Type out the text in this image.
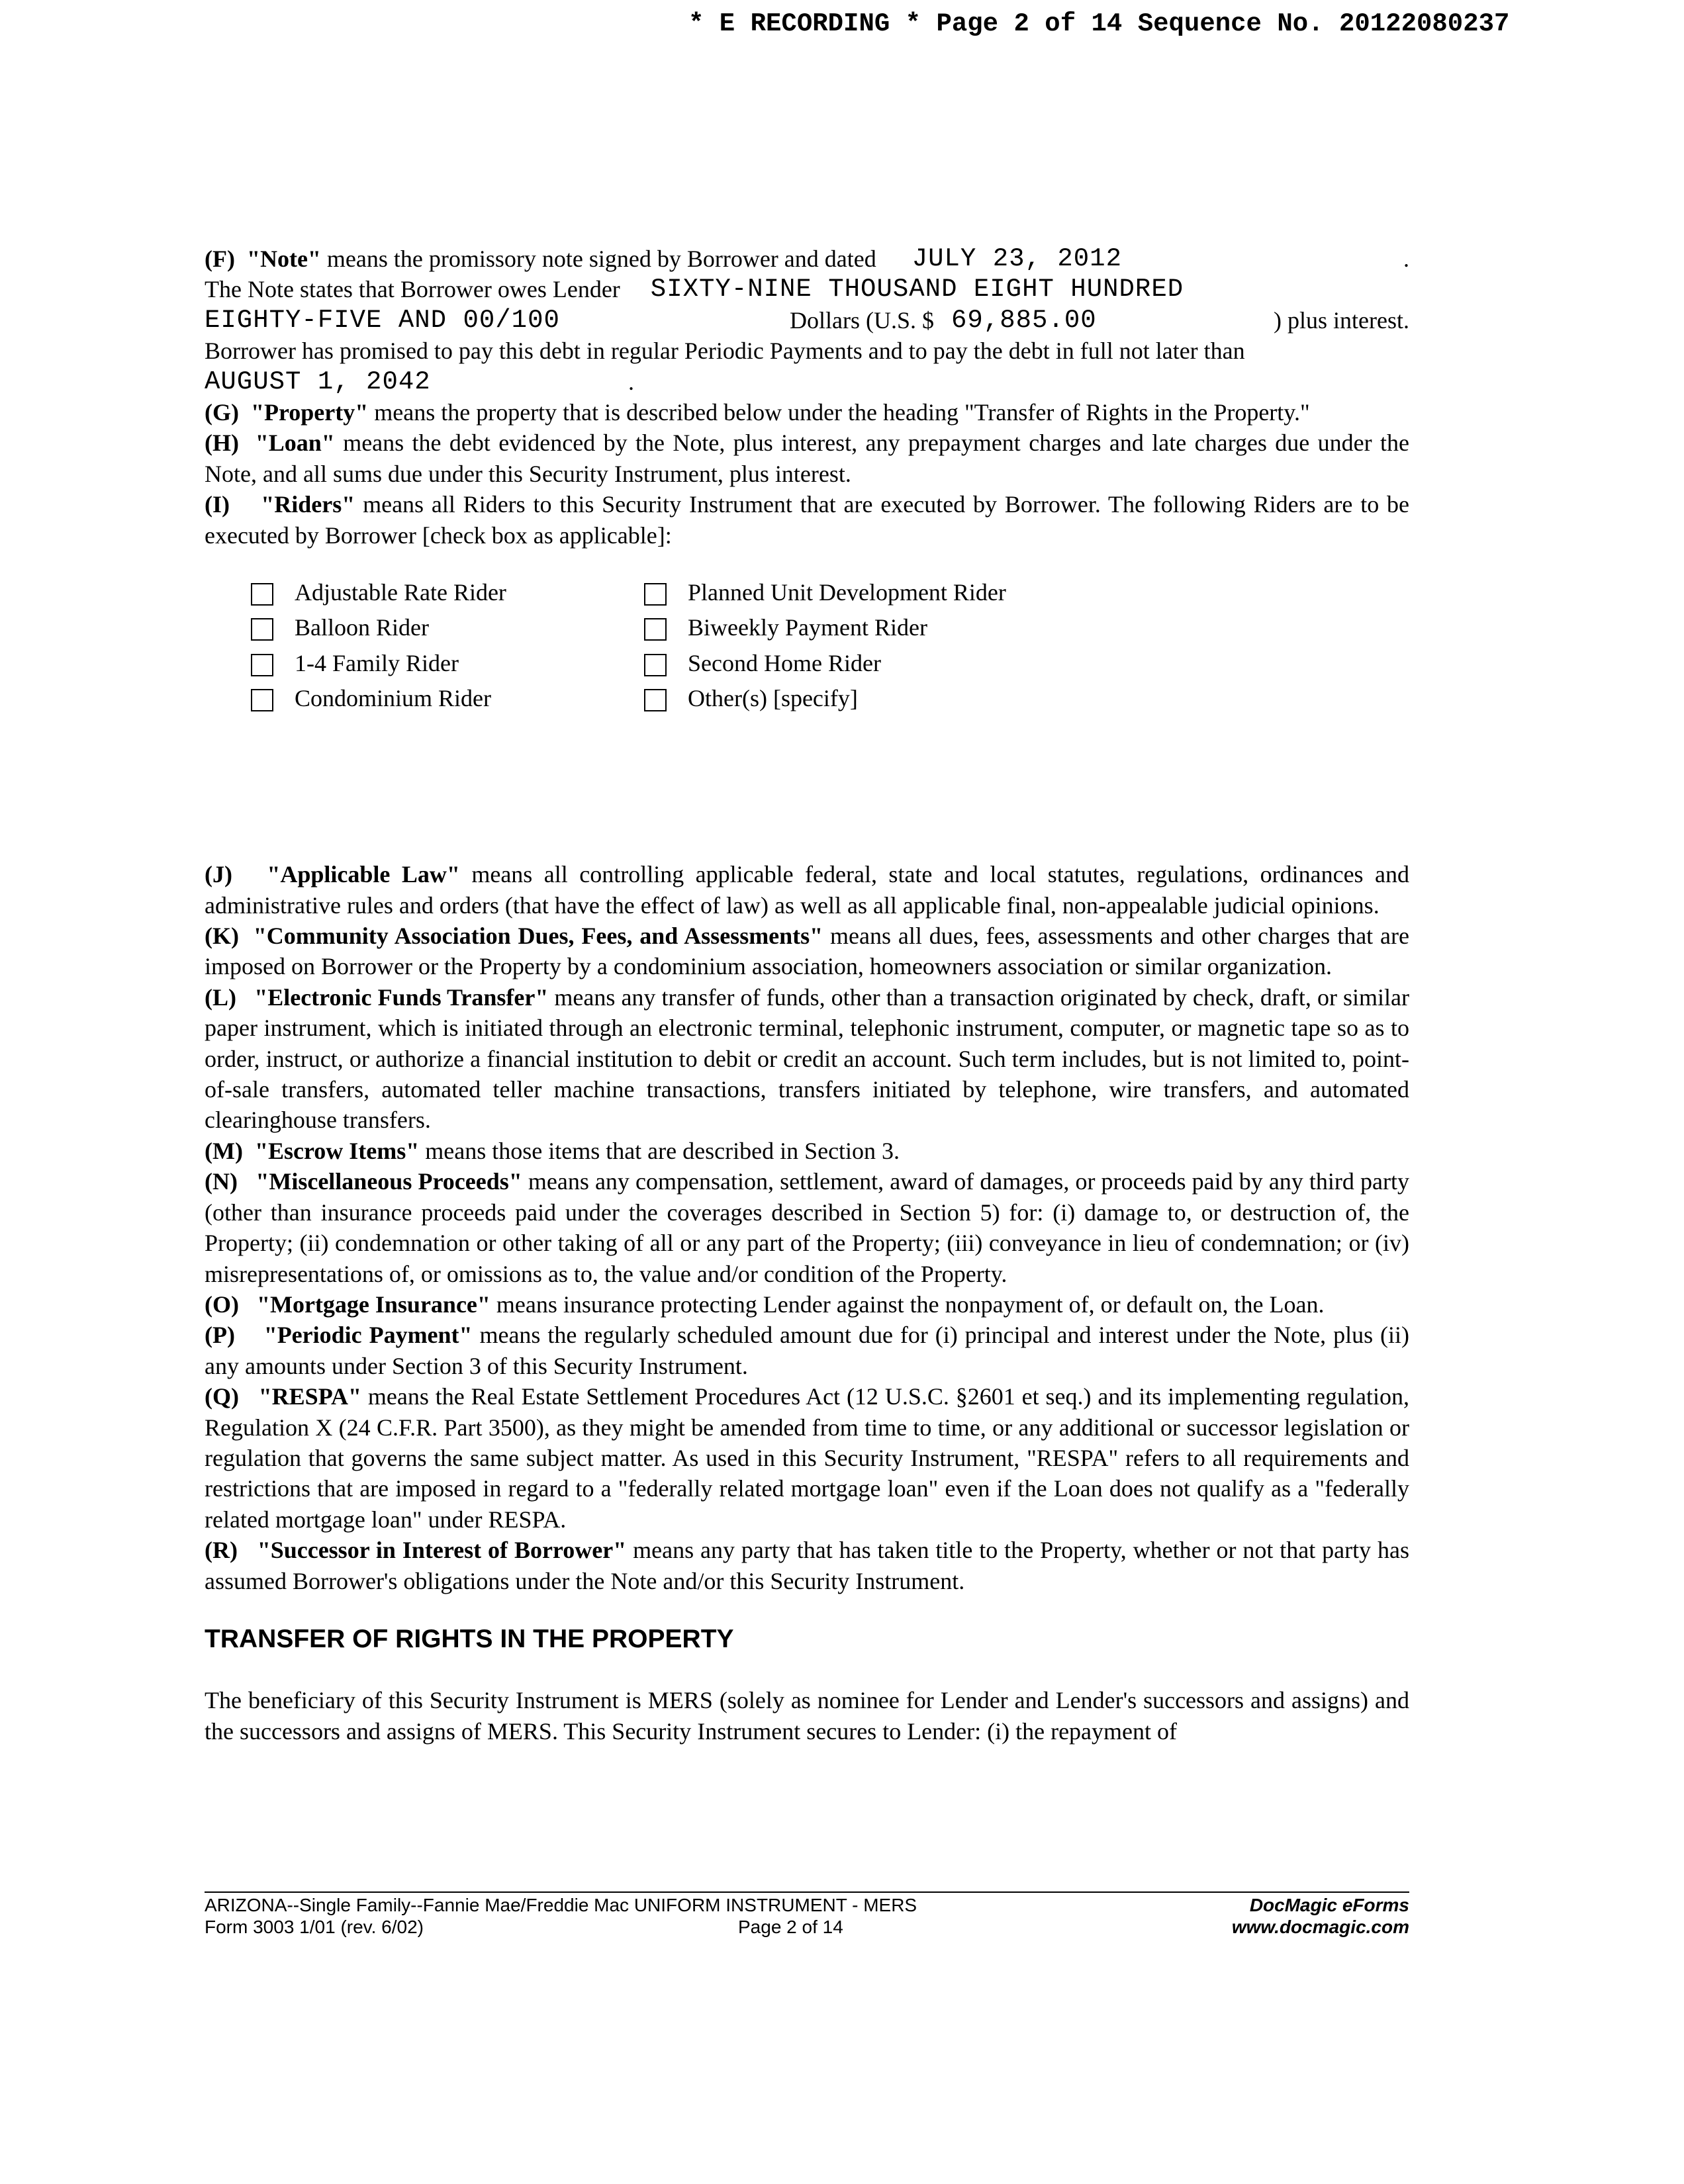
* E RECORDING * Page 2 of 14 Sequence No. 20122080237
(F)
"Note" means the promissory note signed by Borrower and dated JULY 23, 2012	.
The Note states that Borrower owes Lender SIXTY-NINE THOUSAND EIGHT HUNDRED
EIGHTY-FIVE AND 00/100	Dollars (U.S. $ 69,885.00	) plus interest.

Borrower has promised to pay this debt in regular Periodic Payments and to pay the debt in full not later than

AUGUST 1, 2042	.

(G) "Property" means the property that is described below under the heading "Transfer of Rights in the Property."

(H) "Loan" means the debt evidenced by the Note, plus interest, any prepayment charges and late charges due under the Note, and all sums due under this Security Instrument, plus interest.

(I) "Riders" means all Riders to this Security Instrument that are executed by Borrower. The following Riders are to be executed by Borrower [check box as applicable]:

Adjustable Rate Rider	Planned Unit Development Rider
Balloon Rider	Biweekly Payment Rider
1-4 Family Rider	Second Home Rider
Condominium Rider	Other(s) [specify]

(J) "Applicable Law" means all controlling applicable federal, state and local statutes, regulations, ordinances and administrative rules and orders (that have the effect of law) as well as all applicable final, non-appealable judicial opinions.

(K) "Community Association Dues, Fees, and Assessments" means all dues, fees, assessments and other charges that are imposed on Borrower or the Property by a condominium association, homeowners association or similar organization.

(L) "Electronic Funds Transfer" means any transfer of funds, other than a transaction originated by check, draft, or similar paper instrument, which is initiated through an electronic terminal, telephonic instrument, computer, or magnetic tape so as to order, instruct, or authorize a financial institution to debit or credit an account. Such term includes, but is not limited to, point-of-sale transfers, automated teller machine transactions, transfers initiated by telephone, wire transfers, and automated clearinghouse transfers.

(M) "Escrow Items" means those items that are described in Section 3.

(N) "Miscellaneous Proceeds" means any compensation, settlement, award of damages, or proceeds paid by any third party (other than insurance proceeds paid under the coverages described in Section 5) for: (i) damage to, or destruction of, the Property; (ii) condemnation or other taking of all or any part of the Property; (iii) conveyance in lieu of condemnation; or (iv) misrepresentations of, or omissions as to, the value and/or condition of the Property.

(O) "Mortgage Insurance" means insurance protecting Lender against the nonpayment of, or default on, the Loan.

(P) "Periodic Payment" means the regularly scheduled amount due for (i) principal and interest under the Note, plus (ii) any amounts under Section 3 of this Security Instrument.

(Q) "RESPA" means the Real Estate Settlement Procedures Act (12 U.S.C. §2601 et seq.) and its implementing regulation, Regulation X (24 C.F.R. Part 3500), as they might be amended from time to time, or any additional or successor legislation or regulation that governs the same subject matter. As used in this Security Instrument, "RESPA" refers to all requirements and restrictions that are imposed in regard to a "federally related mortgage loan" even if the Loan does not qualify as a "federally related mortgage loan" under RESPA.

(R) "Successor in Interest of Borrower" means any party that has taken title to the Property, whether or not that party has assumed Borrower's obligations under the Note and/or this Security Instrument.

TRANSFER OF RIGHTS IN THE PROPERTY

The beneficiary of this Security Instrument is MERS (solely as nominee for Lender and Lender's successors and assigns) and the successors and assigns of MERS. This Security Instrument secures to Lender: (i) the repayment of

ARIZONA--Single Family--Fannie Mae/Freddie Mac UNIFORM INSTRUMENT - MERS
Form 3003 1/01 (rev. 6/02)	Page 2 of 14
DocMagic eForms
www.docmagic.com
